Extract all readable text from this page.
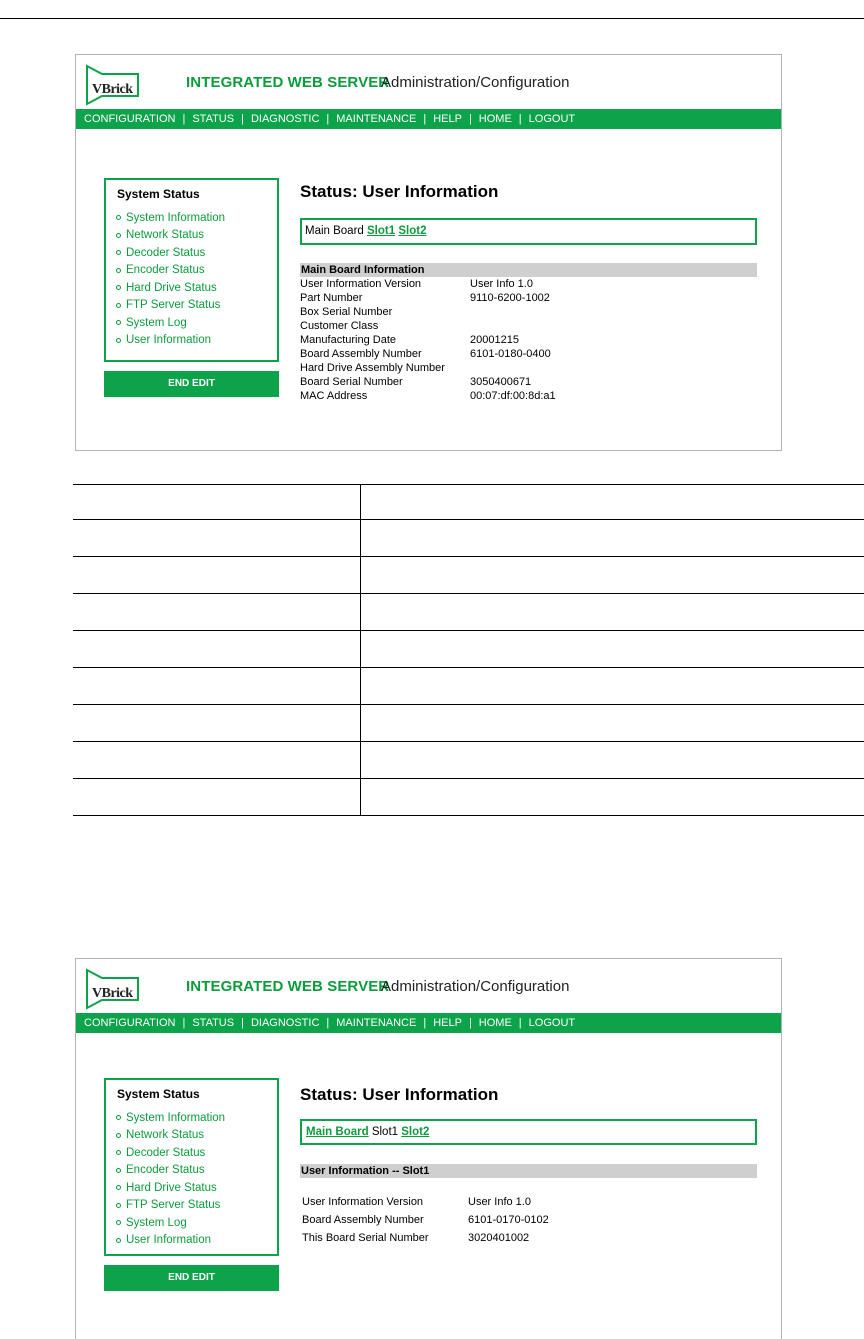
VBrick	INTEGRATED WEB SERVER
Administration/Configuration
CONFIGURATION | STATUS | DIAGNOSTIC | MAINTENANCE | HELP | HOME | LOGOUT
System Status
System Information
Network Status
Decoder Status
Encoder Status
Hard Drive Status
FTP Server Status
System Log
User Information
END EDIT
Status: User Information
Main Board Slot1 Slot2
Main Board Information
User Information Version	User Info 1.0
Part Number	9110-6200-1002
Box Serial Number
Customer Class
Manufacturing Date	20001215
Board Assembly Number	6101-0180-0400
Hard Drive Assembly Number
Board Serial Number	3050400671
MAC Address	00:07:df:00:8d:a1

VBrick	INTEGRATED WEB SERVER
Administration/Configuration
CONFIGURATION | STATUS | DIAGNOSTIC | MAINTENANCE | HELP | HOME | LOGOUT
System Status
System Information
Network Status
Decoder Status
Encoder Status
Hard Drive Status
FTP Server Status
System Log
User Information
END EDIT
Status: User Information
Main Board Slot1 Slot2
User Information -- Slot1
User Information Version	User Info 1.0
Board Assembly Number	6101-0170-0102
This Board Serial Number	3020401002
